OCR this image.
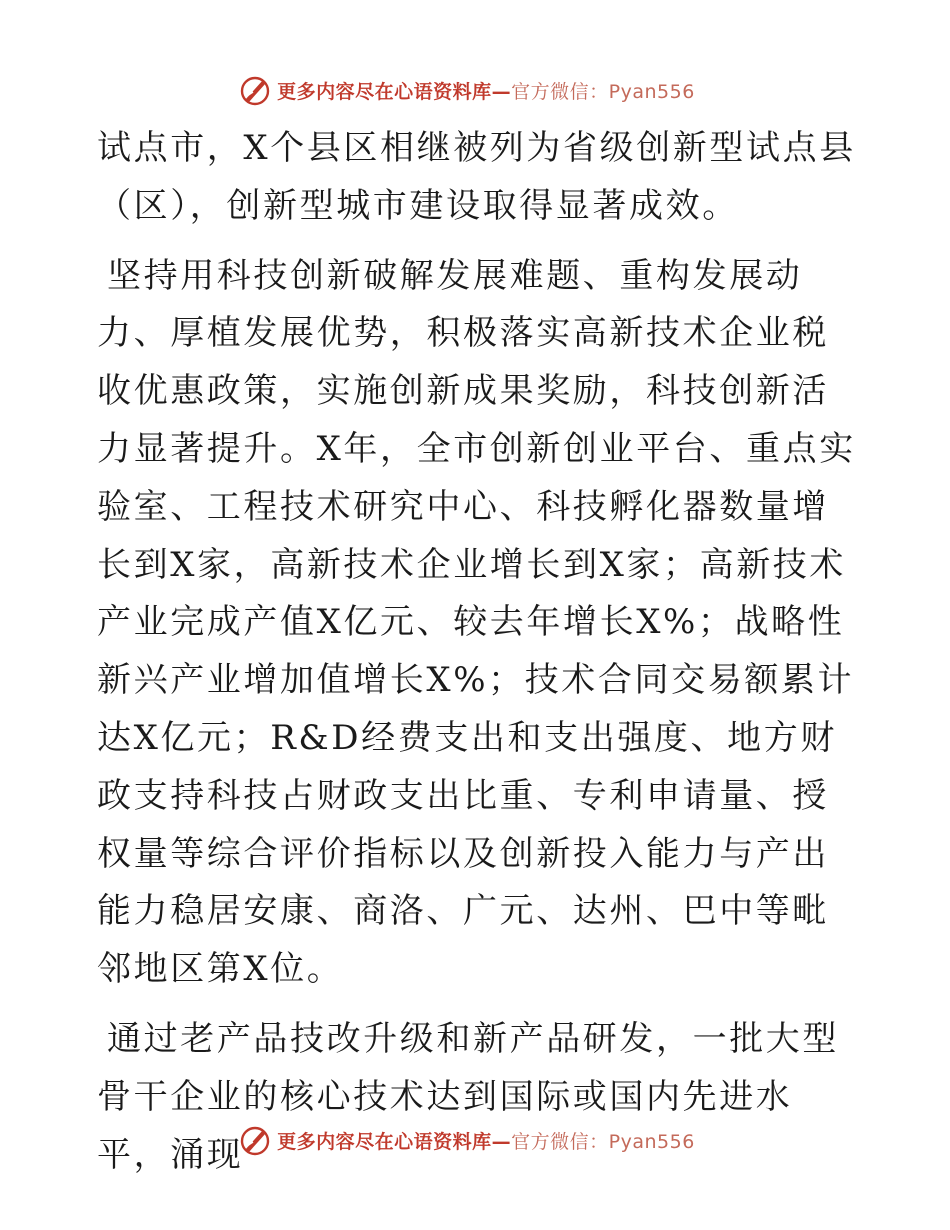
更多内容尽在心语资料库—官方微信：Pyan556

试点市，X个县区相继被列为省级创新型试点县（区），创新型城市建设取得显著成效。

坚持用科技创新破解发展难题、重构发展动力、厚植发展优势，积极落实高新技术企业税收优惠政策，实施创新成果奖励，科技创新活力显著提升。X年，全市创新创业平台、重点实验室、工程技术研究中心、科技孵化器数量增长到X家，高新技术企业增长到X家；高新技术产业完成产值X亿元、较去年增长X%；战略性新兴产业增加值增长X%；技术合同交易额累计达X亿元；R&D经费支出和支出强度、地方财政支持科技占财政支出比重、专利申请量、授权量等综合评价指标以及创新投入能力与产出能力稳居安康、商洛、广元、达州、巴中等毗邻地区第X位。

通过老产品技改升级和新产品研发，一批大型骨干企业的核心技术达到国际或国内先进水平，涌现	更多内容尽在心语资料库—官方微信：Pyan556
